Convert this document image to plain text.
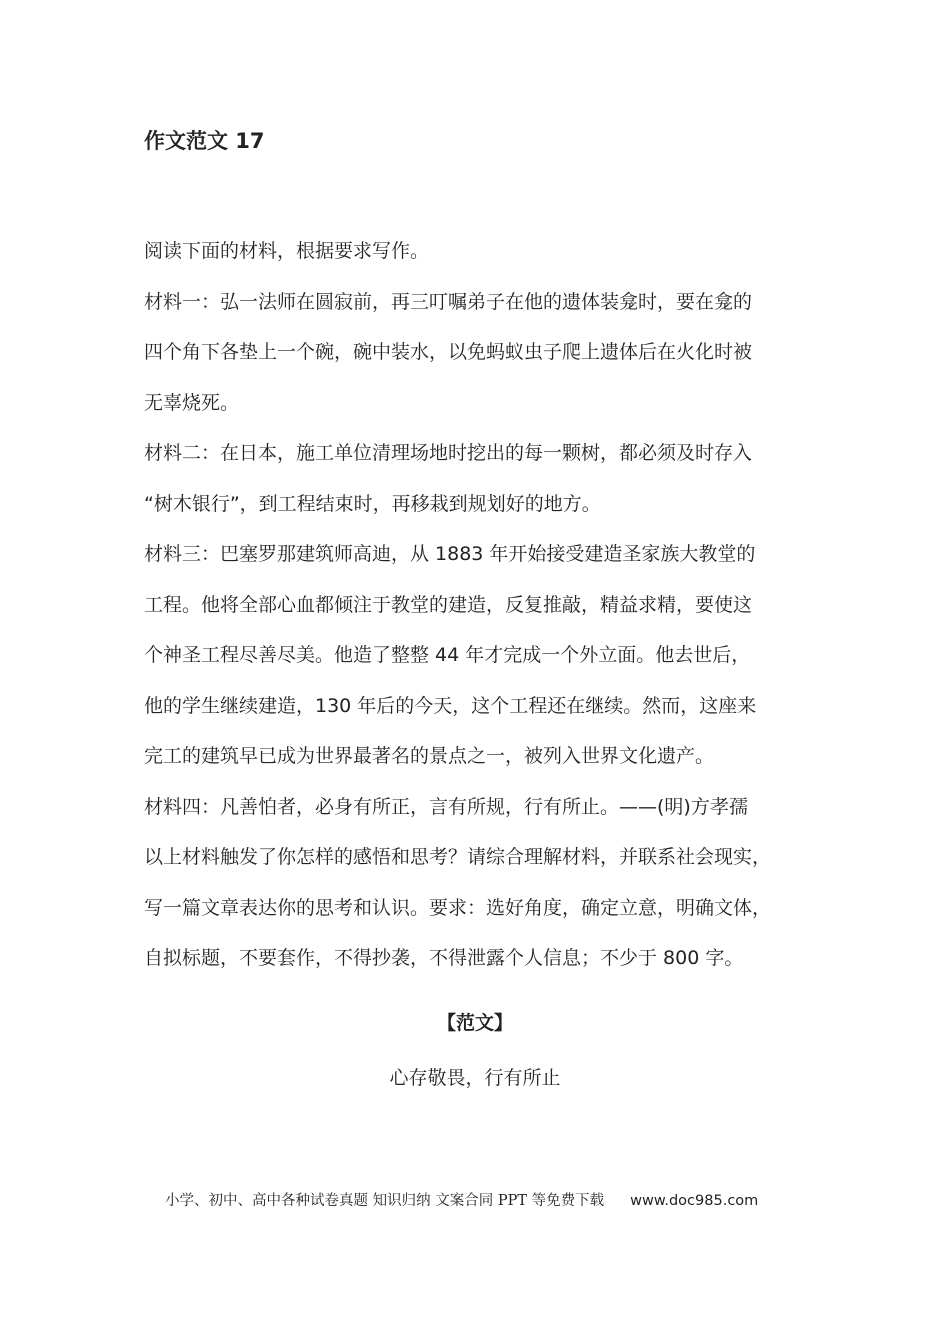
作文范文 17

阅读下面的材料，根据要求写作。

材料一：弘一法师在圆寂前，再三叮嘱弟子在他的遗体装龛时，要在龛的
四个角下各垫上一个碗，碗中装水，以免蚂蚁虫子爬上遗体后在火化时被
无辜烧死。

材料二：在日本，施工单位清理场地时挖出的每一颗树，都必须及时存入
“树木银行”，到工程结束时，再移栽到规划好的地方。

材料三：巴塞罗那建筑师高迪，从 1883 年开始接受建造圣家族大教堂的
工程。他将全部心血都倾注于教堂的建造，反复推敲，精益求精，要使这
个神圣工程尽善尽美。他造了整整 44 年才完成一个外立面。他去世后，
他的学生继续建造，130 年后的今天，这个工程还在继续。然而，这座来
完工的建筑早已成为世界最著名的景点之一，被列入世界文化遗产。

材料四：凡善怕者，必身有所正，言有所规，行有所止。——(明)方孝孺

以上材料触发了你怎样的感悟和思考？请综合理解材料，并联系社会现实，
写一篇文章表达你的思考和认识。要求：选好角度，确定立意，明确文体，
自拟标题，不要套作，不得抄袭，不得泄露个人信息；不少于 800 字。

【范文】
心存敬畏，行有所止
小学、初中、高中各种试卷真题 知识归纳 文案合同 PPT 等免费下载 www.doc985.com
